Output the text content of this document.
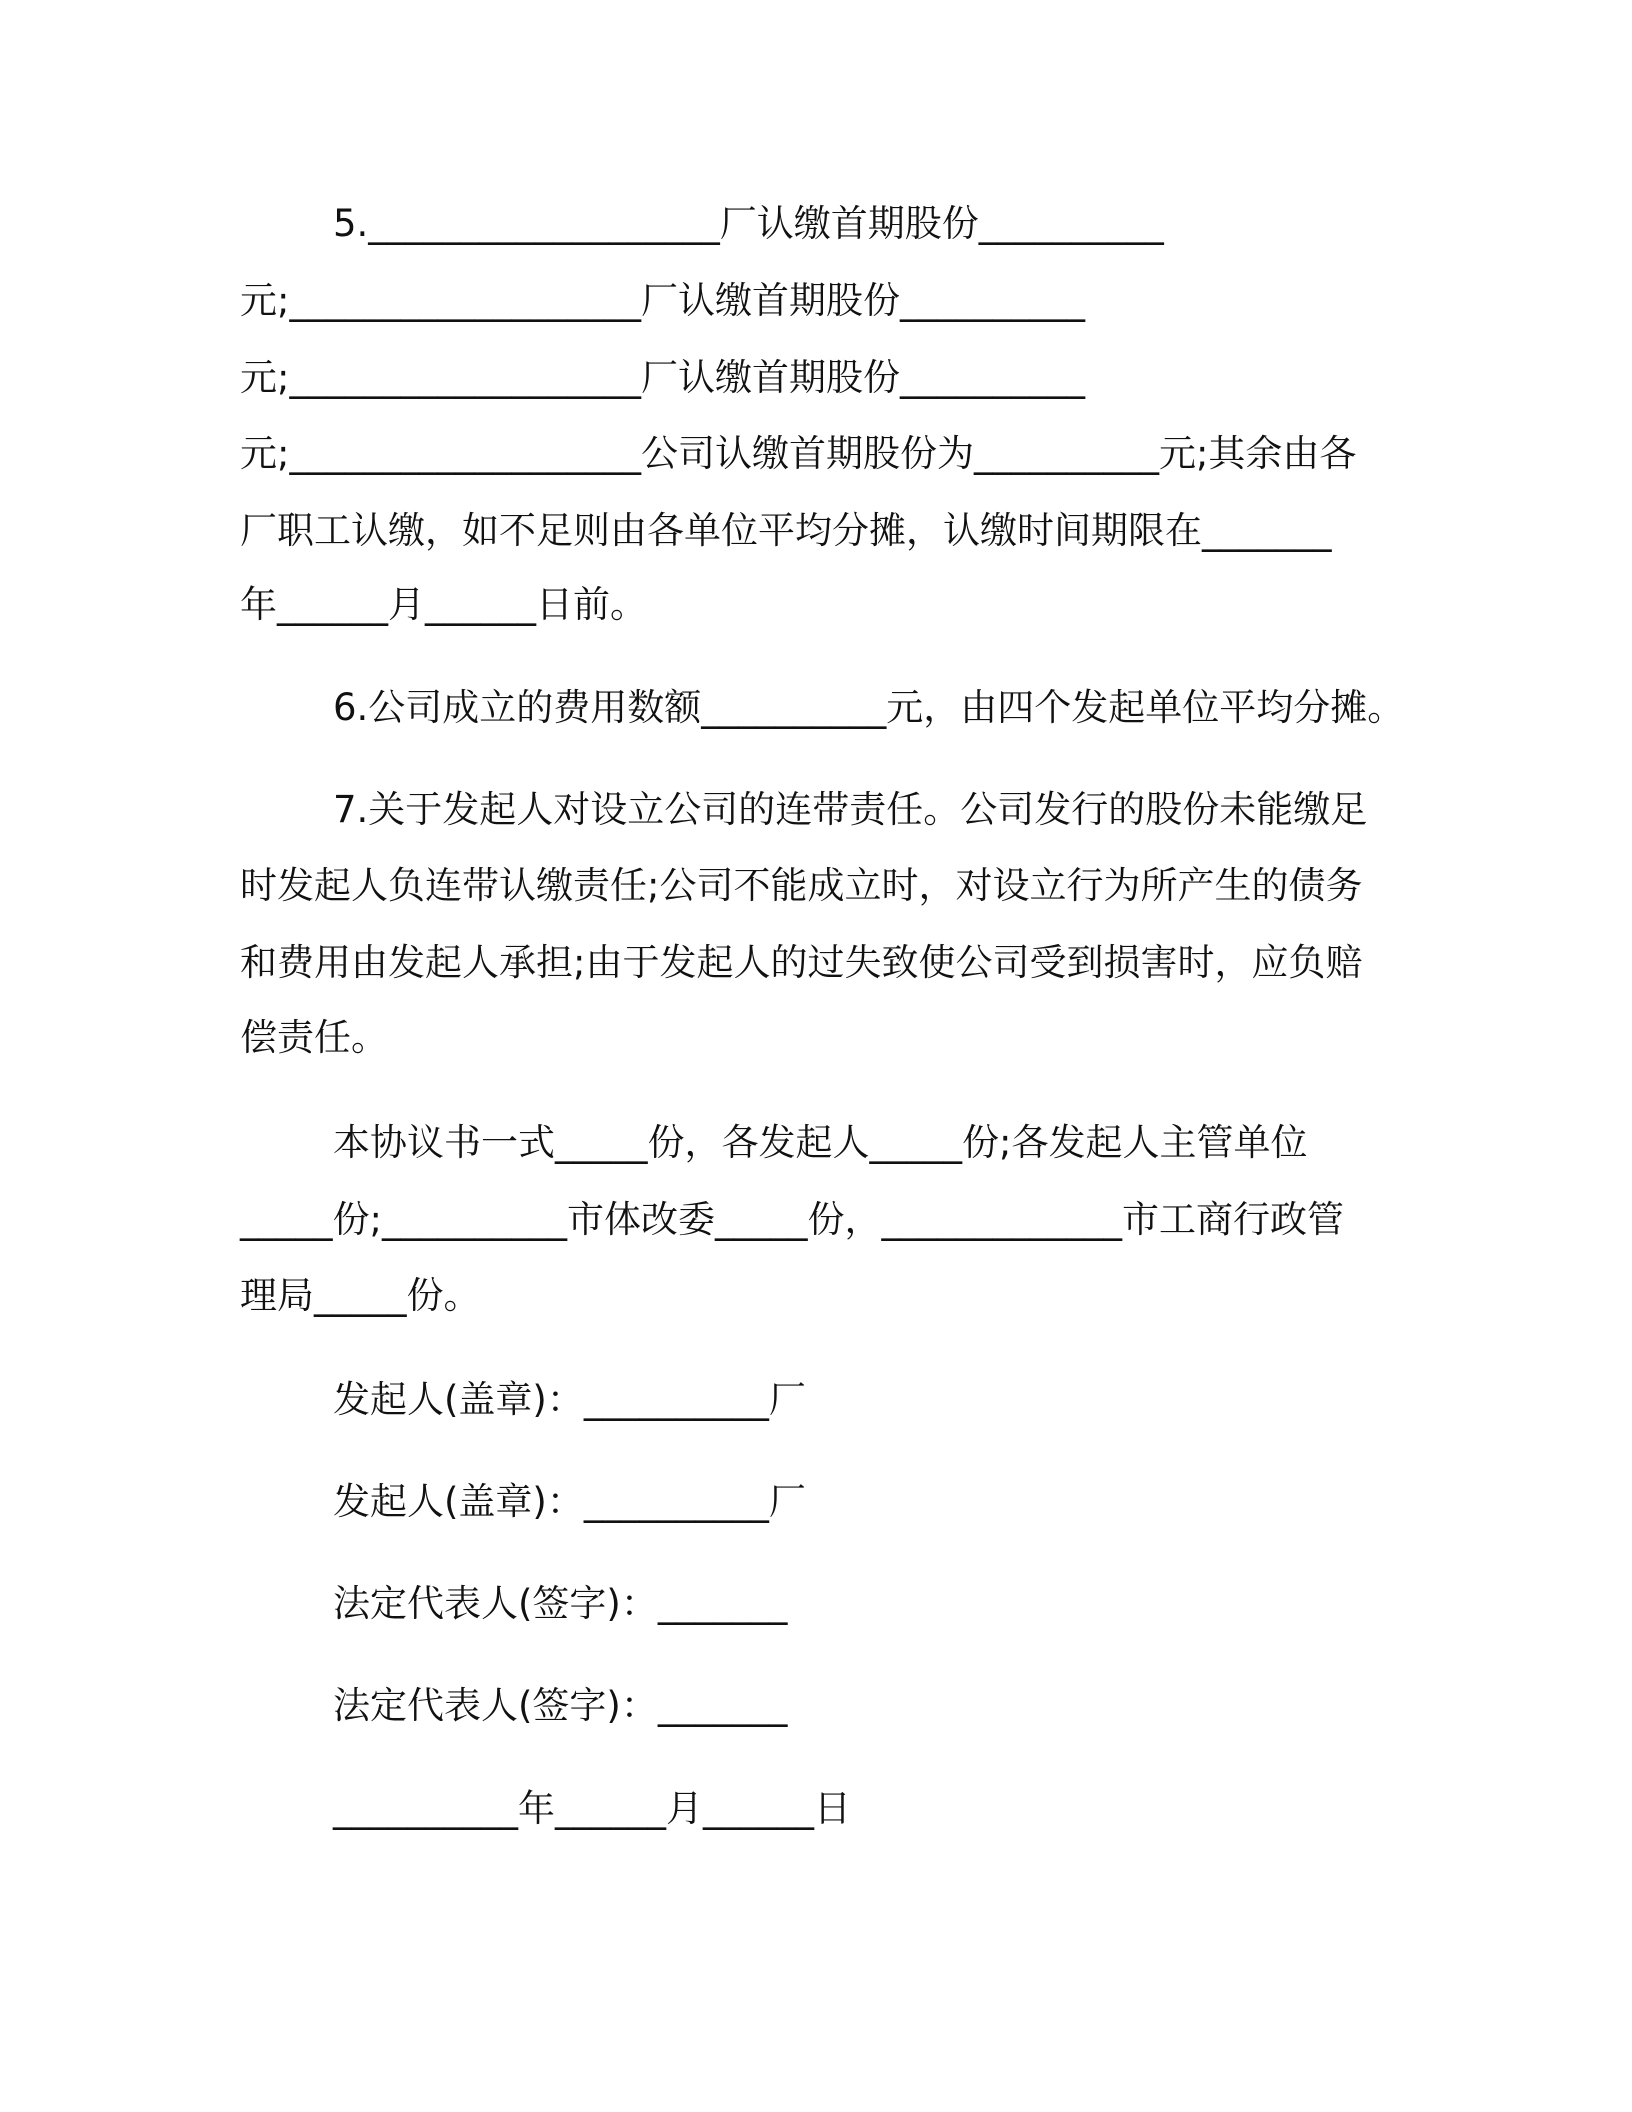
5.___________________厂认缴首期股份__________
元;___________________厂认缴首期股份__________
元;___________________厂认缴首期股份__________
元;___________________公司认缴首期股份为__________元;其余由各
厂职工认缴，如不足则由各单位平均分摊，认缴时间期限在_______
年______月______日前。
6.公司成立的费用数额__________元，由四个发起单位平均分摊。
7.关于发起人对设立公司的连带责任。公司发行的股份未能缴足
时发起人负连带认缴责任;公司不能成立时，对设立行为所产生的债务
和费用由发起人承担;由于发起人的过失致使公司受到损害时，应负赔
偿责任。
本协议书一式_____份，各发起人_____份;各发起人主管单位
_____份;__________市体改委_____份，_____________市工商行政管
理局_____份。
发起人(盖章)：__________厂
发起人(盖章)：__________厂
法定代表人(签字)：_______
法定代表人(签字)：_______
__________年______月______日
